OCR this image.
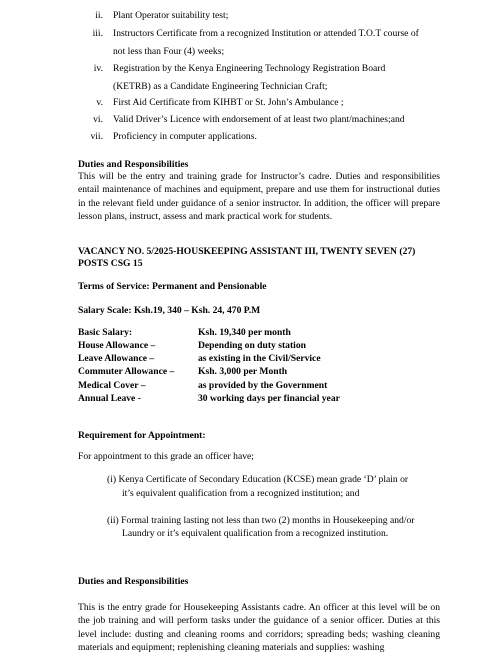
ii. Plant Operator suitability test;
iii. Instructors Certificate from a recognized Institution or attended T.O.T course of
not less than Four (4) weeks;
iv. Registration by the Kenya Engineering Technology Registration Board
(KETRB) as a Candidate Engineering Technician Craft;
v. First Aid Certificate from KIHBT or St. John’s Ambulance ;
vi. Valid Driver’s Licence with endorsement of at least two plant/machines;and
vii. Proficiency in computer applications.
Duties and Responsibilities
This will be the entry and training grade for Instructor’s cadre. Duties and responsibilities entail maintenance of machines and equipment, prepare and use them for instructional duties in the relevant field under guidance of a senior instructor. In addition, the officer will prepare lesson plans, instruct, assess and mark practical work for students.
VACANCY NO. 5/2025-HOUSKEEPING ASSISTANT III, TWENTY SEVEN (27)
POSTS CSG 15
Terms of Service: Permanent and Pensionable
Salary Scale: Ksh.19, 340 – Ksh. 24, 470 P.M
Basic Salary:	Ksh. 19,340 per month
House Allowance –	Depending on duty station
Leave Allowance –	as existing in the Civil/Service
Commuter Allowance – Ksh. 3,000 per Month
Medical Cover –	as provided by the Government
Annual Leave -	30 working days per financial year
Requirement for Appointment:
For appointment to this grade an officer have;
(i) Kenya Certificate of Secondary Education (KCSE) mean grade ‘D’ plain or
it’s equivalent qualification from a recognized institution; and
(ii) Formal training lasting not less than two (2) months in Housekeeping and/or
Laundry or it’s equivalent qualification from a recognized institution.
Duties and Responsibilities
This is the entry grade for Housekeeping Assistants cadre. An officer at this level will be on the job training and will perform tasks under the guidance of a senior officer. Duties at this level include: dusting and cleaning rooms and corridors; spreading beds; washing cleaning materials and equipment; replenishing cleaning materials and supplies: washing
